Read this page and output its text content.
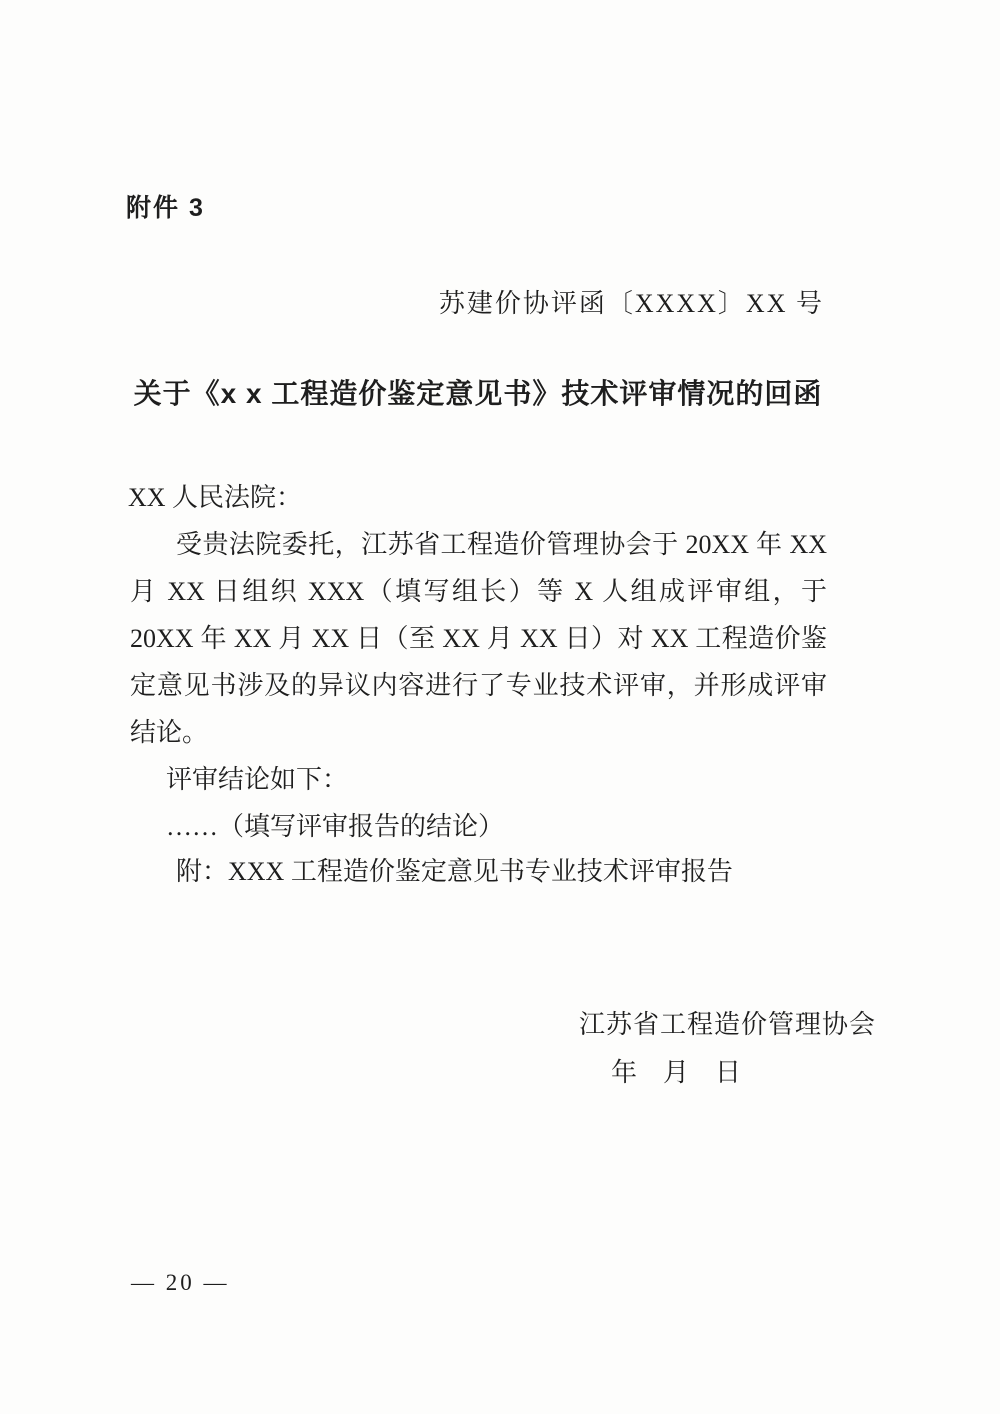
附件 3
苏建价协评函〔XXXX〕XX 号
关于《x x 工程造价鉴定意见书》技术评审情况的回函
XX 人民法院：

受贵法院委托，江苏省工程造价管理协会于 20XX 年 XX 月 XX 日组织 XXX（填写组长）等 X 人组成评审组，于 20XX 年 XX 月 XX 日（至 XX 月 XX 日）对 XX 工程造价鉴定意见书涉及的异议内容进行了专业技术评审，并形成评审结论。

评审结论如下：

……（填写评审报告的结论）

附：XXX 工程造价鉴定意见书专业技术评审报告
江苏省工程造价管理协会
年　月　日
— 20 —
